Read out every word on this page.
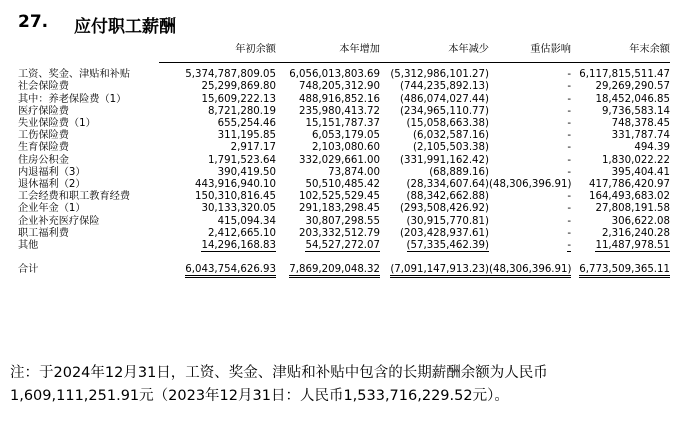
27. 应付职工薪酬
	年初余额	本年增加	本年减少	重估影响	年末余额

工资、奖金、津贴和补贴	5,374,787,809.05	6,056,013,803.69	(5,312,986,101.27)	-	6,117,815,511.47
社会保险费	25,299,869.80	748,205,312.90	(744,235,892.13)	-	29,269,290.57
其中：养老保险费（1）	15,609,222.13	488,916,852.16	(486,074,027.44)	-	18,452,046.85
医疗保险费	8,721,280.19	235,980,413.72	(234,965,110.77)	-	9,736,583.14
失业保险费（1）	655,254.46	15,151,787.37	(15,058,663.38)	-	748,378.45
工伤保险费	311,195.85	6,053,179.05	(6,032,587.16)	-	331,787.74
生育保险费	2,917.17	2,103,080.60	(2,105,503.38)	-	494.39
住房公积金	1,791,523.64	332,029,661.00	(331,991,162.42)	-	1,830,022.22
内退福利（3）	390,419.50	73,874.00	(68,889.16)	-	395,404.41
退休福利（2）	443,916,940.10	50,510,485.42	(28,334,607.64)	(48,306,396.91)	417,786,420.97
工会经费和职工教育经费	150,310,816.45	102,525,529.45	(88,342,662.88)	-	164,493,683.02
企业年金（1）	30,133,320.05	291,183,298.45	(293,508,426.92)	-	27,808,191.58
企业补充医疗保险	415,094.34	30,807,298.55	(30,915,770.81)	-	306,622.08
职工福利费	2,412,665.10	203,332,512.79	(203,428,937.61)	-	2,316,240.28
其他	14,296,168.83	54,527,272.07	(57,335,462.39)	-	11,487,978.51

合计	6,043,754,626.93	7,869,209,048.32	(7,091,147,913.23)	(48,306,396.91)	6,773,509,365.11
注：于2024年12月31日，工资、奖金、津贴和补贴中包含的长期薪酬余额为人民币1,609,111,251.91元（2023年12月31日：人民币1,533,716,229.52元）。
